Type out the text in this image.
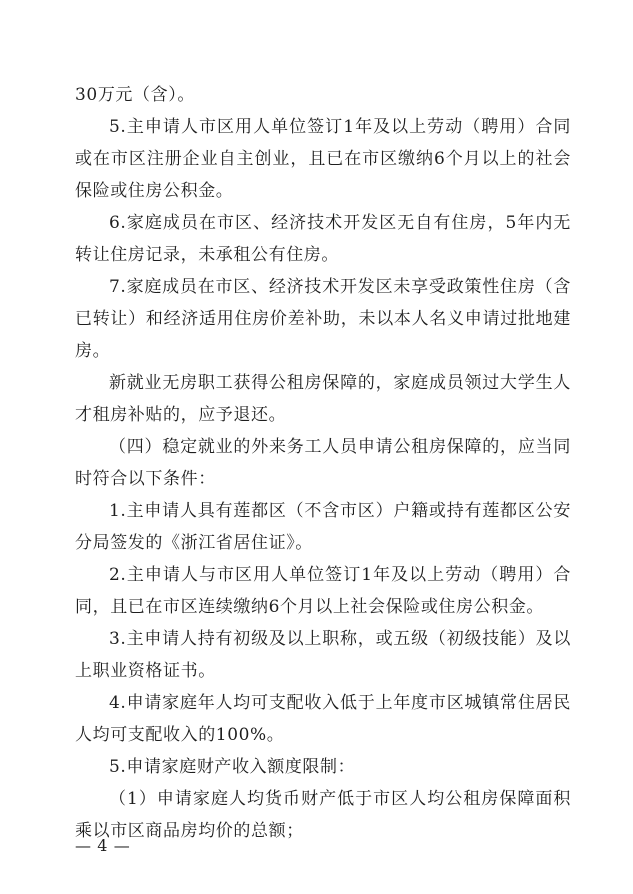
30万元（含）。

5.主申请人市区用人单位签订1年及以上劳动（聘用）合同或在市区注册企业自主创业，且已在市区缴纳6个月以上的社会保险或住房公积金。

6.家庭成员在市区、经济技术开发区无自有住房，5年内无转让住房记录，未承租公有住房。

7.家庭成员在市区、经济技术开发区未享受政策性住房（含已转让）和经济适用住房价差补助，未以本人名义申请过批地建房。

新就业无房职工获得公租房保障的，家庭成员领过大学生人才租房补贴的，应予退还。

（四）稳定就业的外来务工人员申请公租房保障的，应当同时符合以下条件：

1.主申请人具有莲都区（不含市区）户籍或持有莲都区公安分局签发的《浙江省居住证》。

2.主申请人与市区用人单位签订1年及以上劳动（聘用）合同，且已在市区连续缴纳6个月以上社会保险或住房公积金。

3.主申请人持有初级及以上职称，或五级（初级技能）及以上职业资格证书。

4.申请家庭年人均可支配收入低于上年度市区城镇常住居民人均可支配收入的100%。

5.申请家庭财产收入额度限制：

（1）申请家庭人均货币财产低于市区人均公租房保障面积乘以市区商品房均价的总额；

— 4 —
